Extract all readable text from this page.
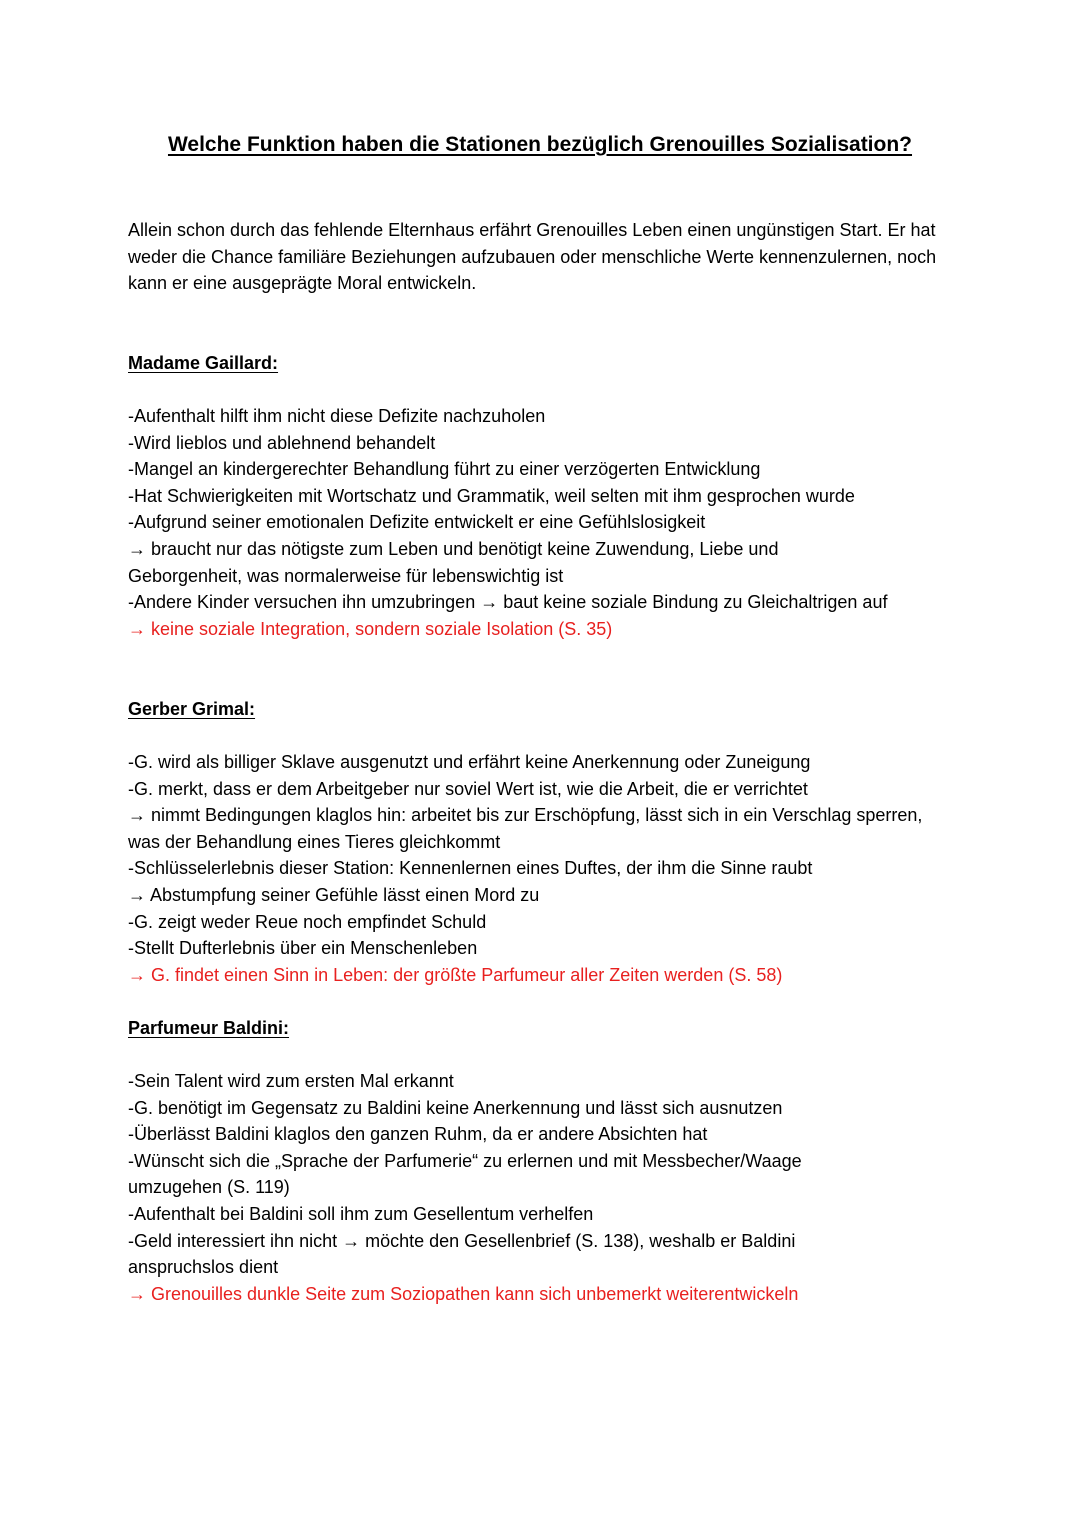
Welche Funktion haben die Stationen bezüglich Grenouilles Sozialisation?
Allein schon durch das fehlende Elternhaus erfährt Grenouilles Leben einen ungünstigen Start. Er hat weder die Chance familiäre Beziehungen aufzubauen oder menschliche Werte kennenzulernen, noch kann er eine ausgeprägte Moral entwickeln.
Madame Gaillard:
-Aufenthalt hilft ihm nicht diese Defizite nachzuholen
-Wird lieblos und ablehnend behandelt
-Mangel an kindergerechter Behandlung führt zu einer verzögerten Entwicklung
-Hat Schwierigkeiten mit Wortschatz und Grammatik, weil selten mit ihm gesprochen wurde
-Aufgrund seiner emotionalen Defizite entwickelt er eine Gefühlslosigkeit
→ braucht nur das nötigste zum Leben und benötigt keine Zuwendung, Liebe und Geborgenheit, was normalerweise für lebenswichtig ist
-Andere Kinder versuchen ihn umzubringen → baut keine soziale Bindung zu Gleichaltrigen auf
→ keine soziale Integration, sondern soziale Isolation (S. 35)
Gerber Grimal:
-G. wird als billiger Sklave ausgenutzt und erfährt keine Anerkennung oder Zuneigung
-G. merkt, dass er dem Arbeitgeber nur soviel Wert ist, wie die Arbeit, die er verrichtet
→ nimmt Bedingungen klaglos hin: arbeitet bis zur Erschöpfung, lässt sich in ein Verschlag sperren, was der Behandlung eines Tieres gleichkommt
-Schlüsselerlebnis dieser Station: Kennenlernen eines Duftes, der ihm die Sinne raubt
→ Abstumpfung seiner Gefühle lässt einen Mord zu
-G. zeigt weder Reue noch empfindet Schuld
-Stellt Dufterlebnis über ein Menschenleben
→ G. findet einen Sinn in Leben: der größte Parfumeur aller Zeiten werden (S. 58)
Parfumeur Baldini:
-Sein Talent wird zum ersten Mal erkannt
-G. benötigt im Gegensatz zu Baldini keine Anerkennung und lässt sich ausnutzen
-Überlässt Baldini klaglos den ganzen Ruhm, da er andere Absichten hat
-Wünscht sich die „Sprache der Parfumerie“ zu erlernen und mit Messbecher/Waage umzugehen (S. 119)
-Aufenthalt bei Baldini soll ihm zum Gesellentum verhelfen
-Geld interessiert ihn nicht → möchte den Gesellenbrief (S. 138), weshalb er Baldini anspruchslos dient
→ Grenouilles dunkle Seite zum Soziopathen kann sich unbemerkt weiterentwickeln
